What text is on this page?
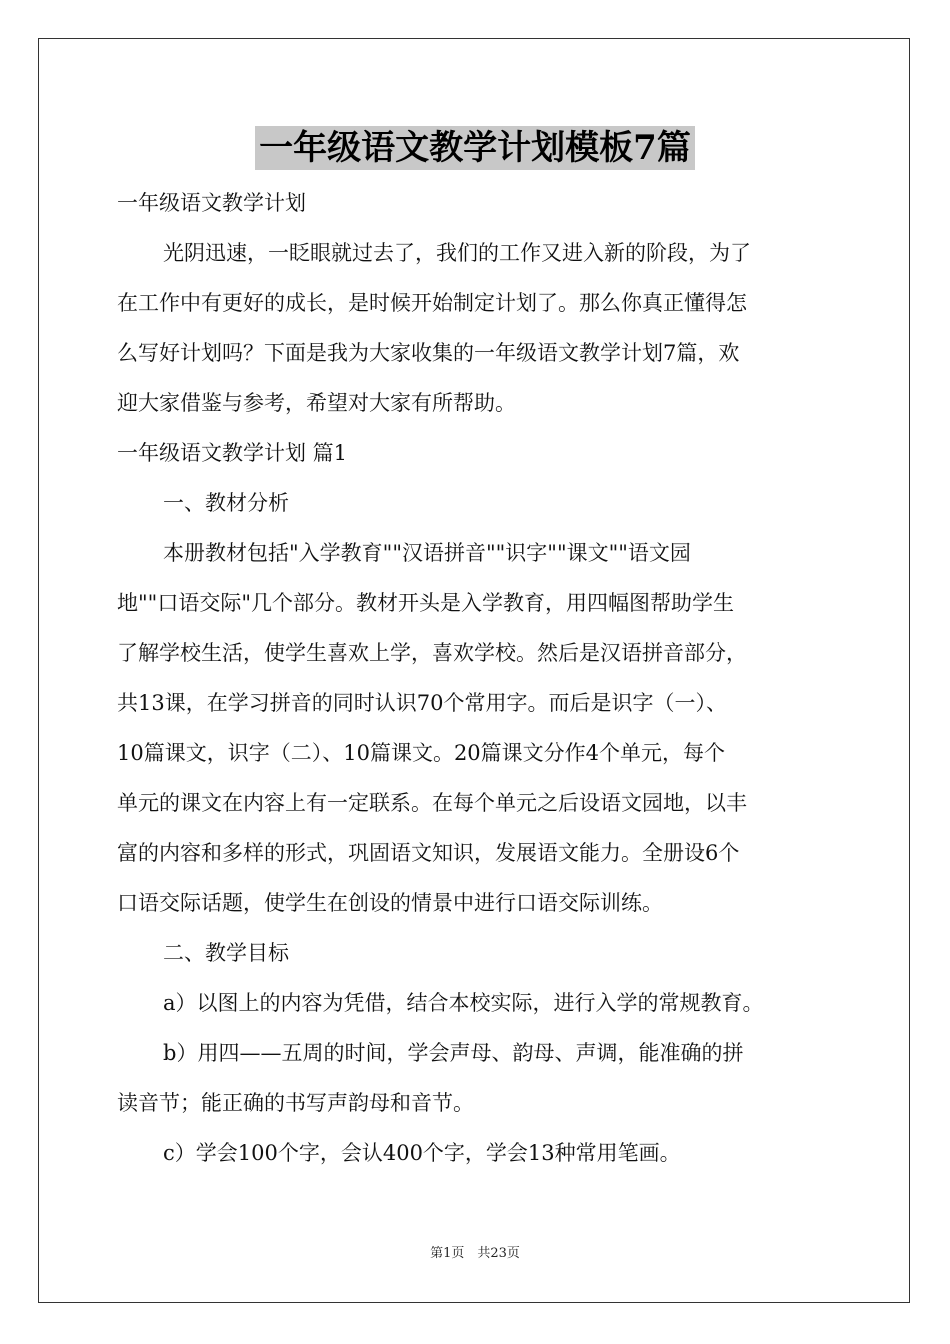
一年级语文教学计划模板7篇
一年级语文教学计划
光阴迅速，一眨眼就过去了，我们的工作又进入新的阶段，为了
在工作中有更好的成长，是时候开始制定计划了。那么你真正懂得怎
么写好计划吗？下面是我为大家收集的一年级语文教学计划7篇，欢
迎大家借鉴与参考，希望对大家有所帮助。
一年级语文教学计划 篇1
一、教材分析
本册教材包括"入学教育""汉语拼音""识字""课文""语文园
地""口语交际"几个部分。教材开头是入学教育，用四幅图帮助学生
了解学校生活，使学生喜欢上学，喜欢学校。然后是汉语拼音部分，
共13课，在学习拼音的同时认识70个常用字。而后是识字（一）、
10篇课文，识字（二）、10篇课文。20篇课文分作4个单元，每个
单元的课文在内容上有一定联系。在每个单元之后设语文园地，以丰
富的内容和多样的形式，巩固语文知识，发展语文能力。全册设6个
口语交际话题，使学生在创设的情景中进行口语交际训练。
二、教学目标
a）以图上的内容为凭借，结合本校实际，进行入学的常规教育。
b）用四——五周的时间，学会声母、韵母、声调，能准确的拼
读音节；能正确的书写声韵母和音节。
c）学会100个字，会认400个字，学会13种常用笔画。
第1页　共23页
